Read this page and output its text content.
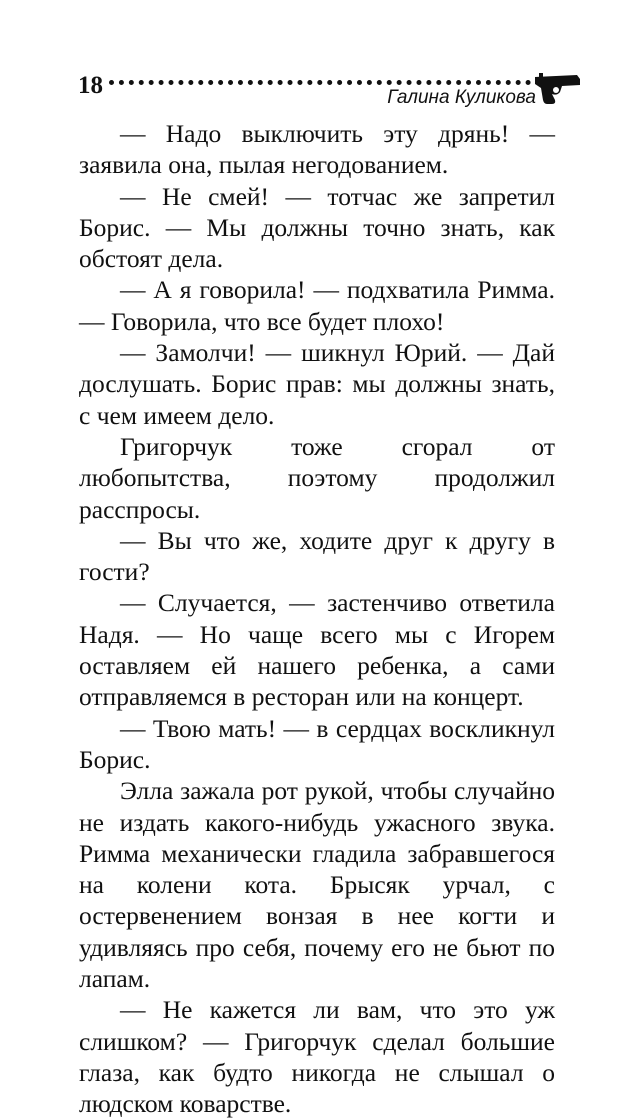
18	Галина Куликова

— Надо выключить эту дрянь! — заявила она, пылая негодованием.

— Не смей! — тотчас же запретил Борис. — Мы должны точно знать, как обстоят дела.

— А я говорила! — подхватила Римма. — Говорила, что все будет плохо!

— Замолчи! — шикнул Юрий. — Дай дослушать. Борис прав: мы должны знать, с чем имеем дело.

Григорчук тоже сгорал от любопытства, поэтому продолжил расспросы.

— Вы что же, ходите друг к другу в гости?

— Случается, — застенчиво ответила Надя. — Но чаще всего мы с Игорем оставляем ей нашего ребенка, а сами отправляемся в ресторан или на концерт.

— Твою мать! — в сердцах воскликнул Борис.

Элла зажала рот рукой, чтобы случайно не издать какого-нибудь ужасного звука. Римма механически гладила забравшегося на колени кота. Брысяк урчал, с остервенением вонзая в нее когти и удивляясь про себя, почему его не бьют по лапам.

— Не кажется ли вам, что это уж слишком? — Григорчук сделал большие глаза, как будто никогда не слышал о людском коварстве.
